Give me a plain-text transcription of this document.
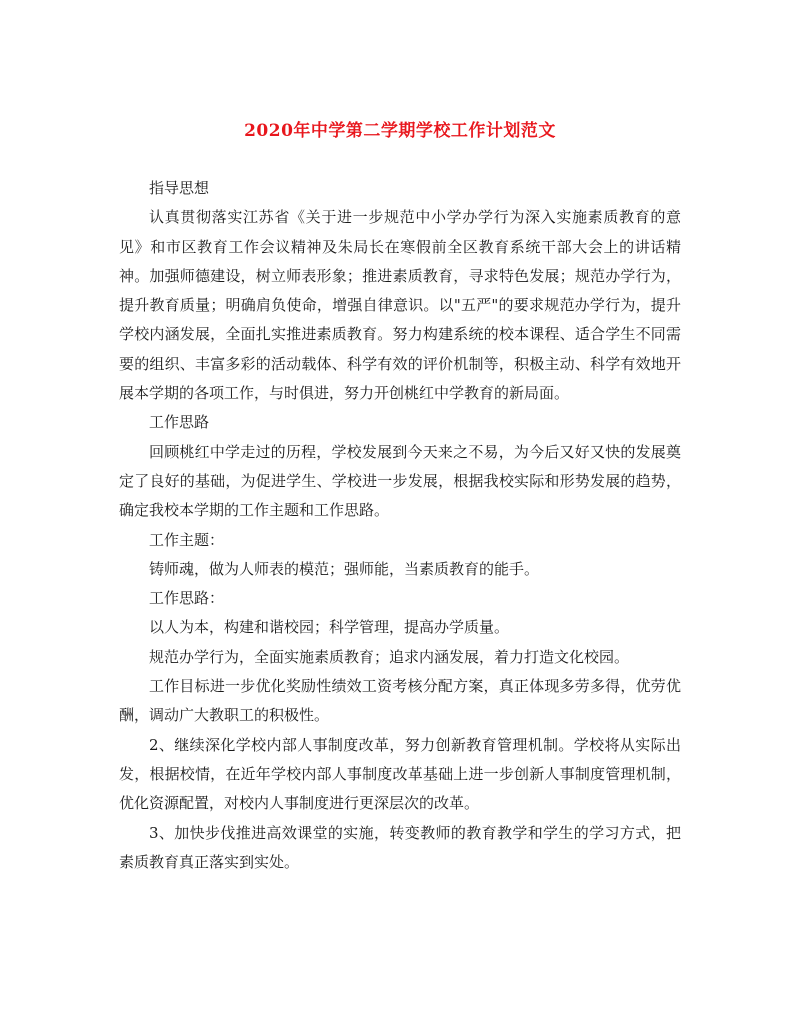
2020年中学第二学期学校工作计划范文

指导思想

认真贯彻落实江苏省《关于进一步规范中小学办学行为深入实施素质教育的意见》和市区教育工作会议精神及朱局长在寒假前全区教育系统干部大会上的讲话精神。加强师德建设，树立师表形象；推进素质教育，寻求特色发展；规范办学行为，提升教育质量；明确肩负使命，增强自律意识。以"五严"的要求规范办学行为，提升学校内涵发展，全面扎实推进素质教育。努力构建系统的校本课程、适合学生不同需要的组织、丰富多彩的活动载体、科学有效的评价机制等，积极主动、科学有效地开展本学期的各项工作，与时俱进，努力开创桃红中学教育的新局面。

工作思路

回顾桃红中学走过的历程，学校发展到今天来之不易，为今后又好又快的发展奠定了良好的基础，为促进学生、学校进一步发展，根据我校实际和形势发展的趋势，确定我校本学期的工作主题和工作思路。

工作主题：

铸师魂，做为人师表的模范；强师能，当素质教育的能手。

工作思路：

以人为本，构建和谐校园；科学管理，提高办学质量。

规范办学行为，全面实施素质教育；追求内涵发展，着力打造文化校园。

工作目标进一步优化奖励性绩效工资考核分配方案，真正体现多劳多得，优劳优酬，调动广大教职工的积极性。

2、继续深化学校内部人事制度改革，努力创新教育管理机制。学校将从实际出发，根据校情，在近年学校内部人事制度改革基础上进一步创新人事制度管理机制，优化资源配置，对校内人事制度进行更深层次的改革。

3、加快步伐推进高效课堂的实施，转变教师的教育教学和学生的学习方式，把素质教育真正落实到实处。
